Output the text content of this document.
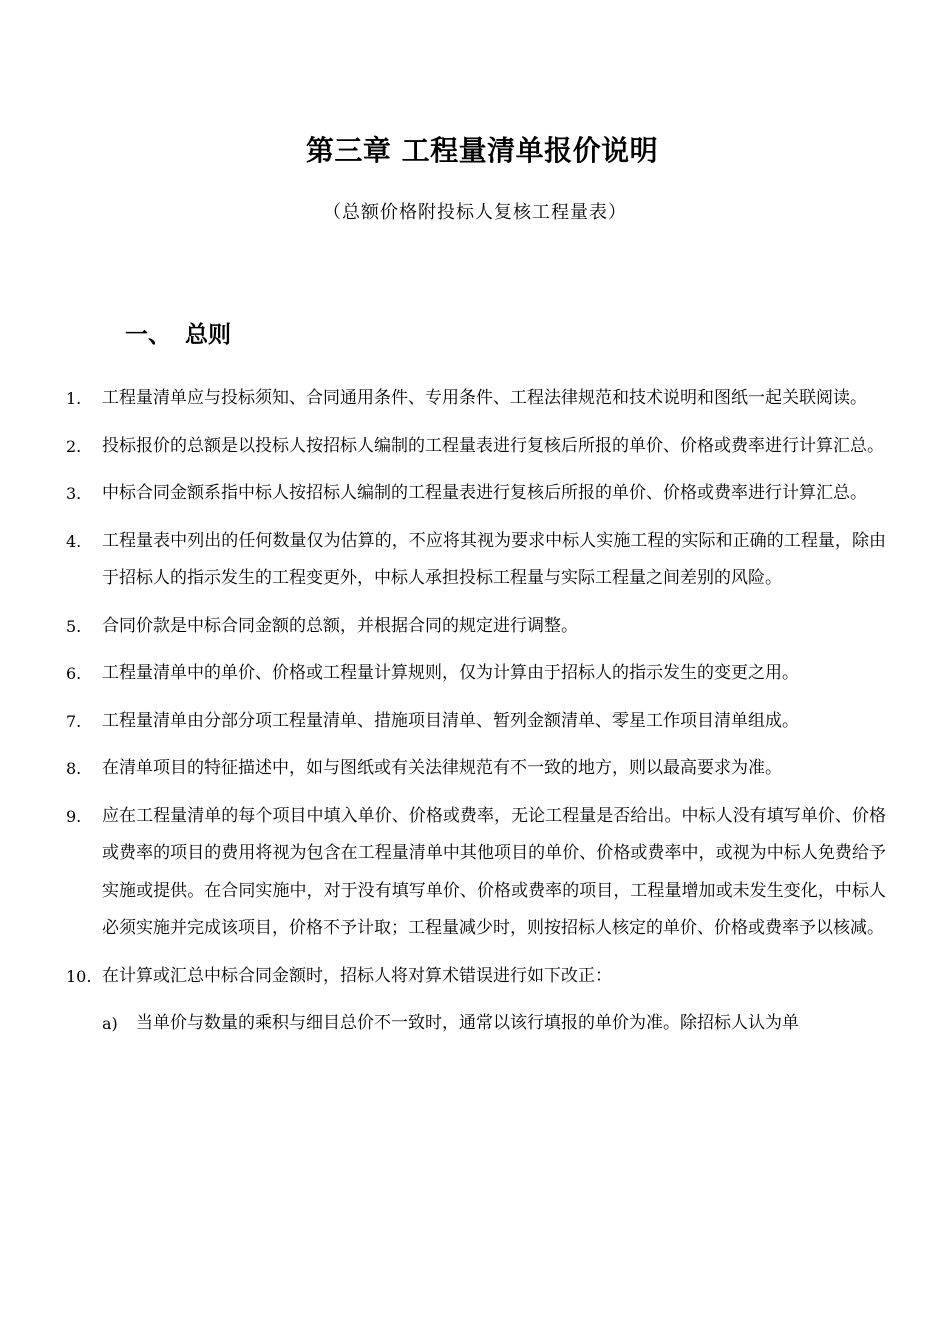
第三章 工程量清单报价说明
（总额价格附投标人复核工程量表）
一、 总则
1.	工程量清单应与投标须知、合同通用条件、专用条件、工程法律规范和技术说明和图纸一起关联阅读。
2.	投标报价的总额是以投标人按招标人编制的工程量表进行复核后所报的单价、价格或费率进行计算汇总。
3.	中标合同金额系指中标人按招标人编制的工程量表进行复核后所报的单价、价格或费率进行计算汇总。
4.	工程量表中列出的任何数量仅为估算的，不应将其视为要求中标人实施工程的实际和正确的工程量，除由于招标人的指示发生的工程变更外，中标人承担投标工程量与实际工程量之间差别的风险。
5.	合同价款是中标合同金额的总额，并根据合同的规定进行调整。
6.	工程量清单中的单价、价格或工程量计算规则，仅为计算由于招标人的指示发生的变更之用。
7.	工程量清单由分部分项工程量清单、措施项目清单、暂列金额清单、零星工作项目清单组成。
8.	在清单项目的特征描述中，如与图纸或有关法律规范有不一致的地方，则以最高要求为准。
9.	应在工程量清单的每个项目中填入单价、价格或费率，无论工程量是否给出。中标人没有填写单价、价格或费率的项目的费用将视为包含在工程量清单中其他项目的单价、价格或费率中，或视为中标人免费给予实施或提供。在合同实施中，对于没有填写单价、价格或费率的项目，工程量增加或未发生变化，中标人必须实施并完成该项目，价格不予计取；工程量减少时，则按招标人核定的单价、价格或费率予以核减。
10. 在计算或汇总中标合同金额时，招标人将对算术错误进行如下改正：
a)	当单价与数量的乘积与细目总价不一致时，通常以该行填报的单价为准。除招标人认为单
